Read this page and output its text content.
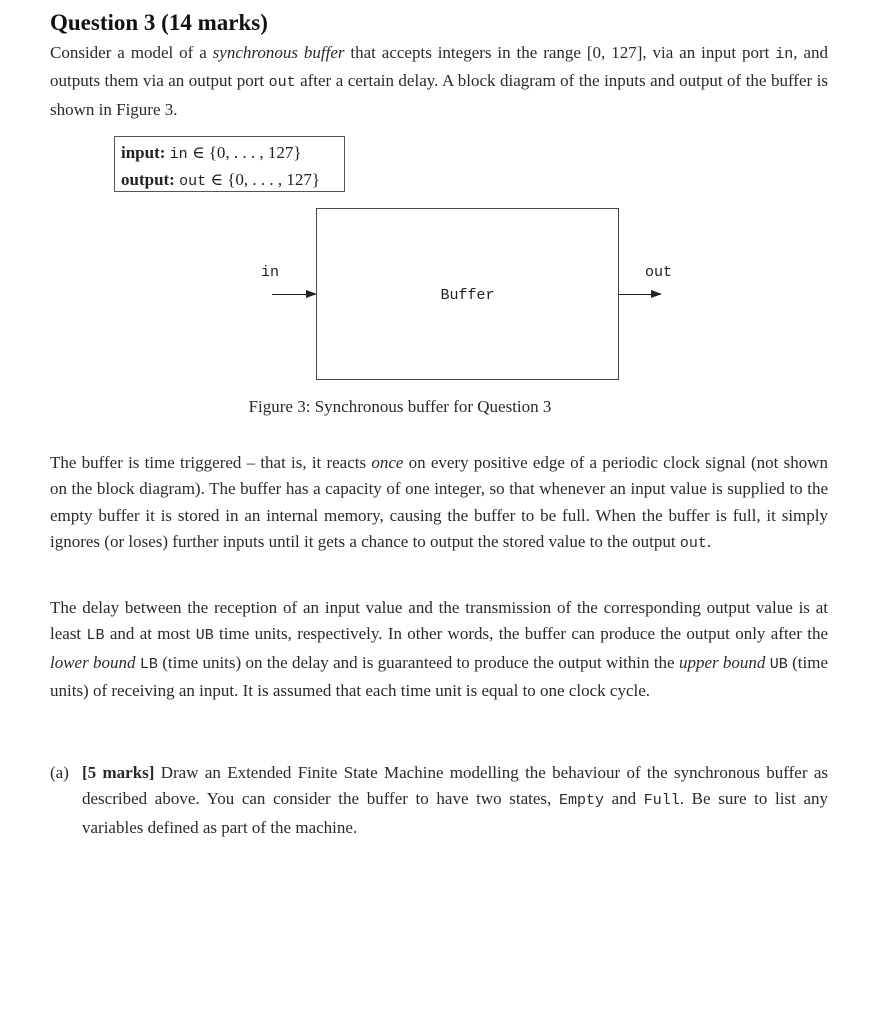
Question 3 (14 marks)

Consider a model of a synchronous buffer that accepts integers in the range [0, 127], via an input port in, and outputs them via an output port out after a certain delay. A block diagram of the inputs and output of the buffer is shown in Figure 3.

input: in ∈ {0, . . . , 127}
output: out ∈ {0, . . . , 127}
Buffer
in	out
Figure 3: Synchronous buffer for Question 3

The buffer is time triggered – that is, it reacts once on every positive edge of a periodic clock signal (not shown on the block diagram). The buffer has a capacity of one integer, so that whenever an input value is supplied to the empty buffer it is stored in an internal memory, causing the buffer to be full. When the buffer is full, it simply ignores (or loses) further inputs until it gets a chance to output the stored value to the output out.

The delay between the reception of an input value and the transmission of the corresponding output value is at least LB and at most UB time units, respectively. In other words, the buffer can produce the output only after the lower bound LB (time units) on the delay and is guaranteed to produce the output within the upper bound UB (time units) of receiving an input. It is assumed that each time unit is equal to one clock cycle.

(a) [5 marks] Draw an Extended Finite State Machine modelling the behaviour of the synchronous buffer as described above. You can consider the buffer to have two states, Empty and Full. Be sure to list any variables defined as part of the machine.
